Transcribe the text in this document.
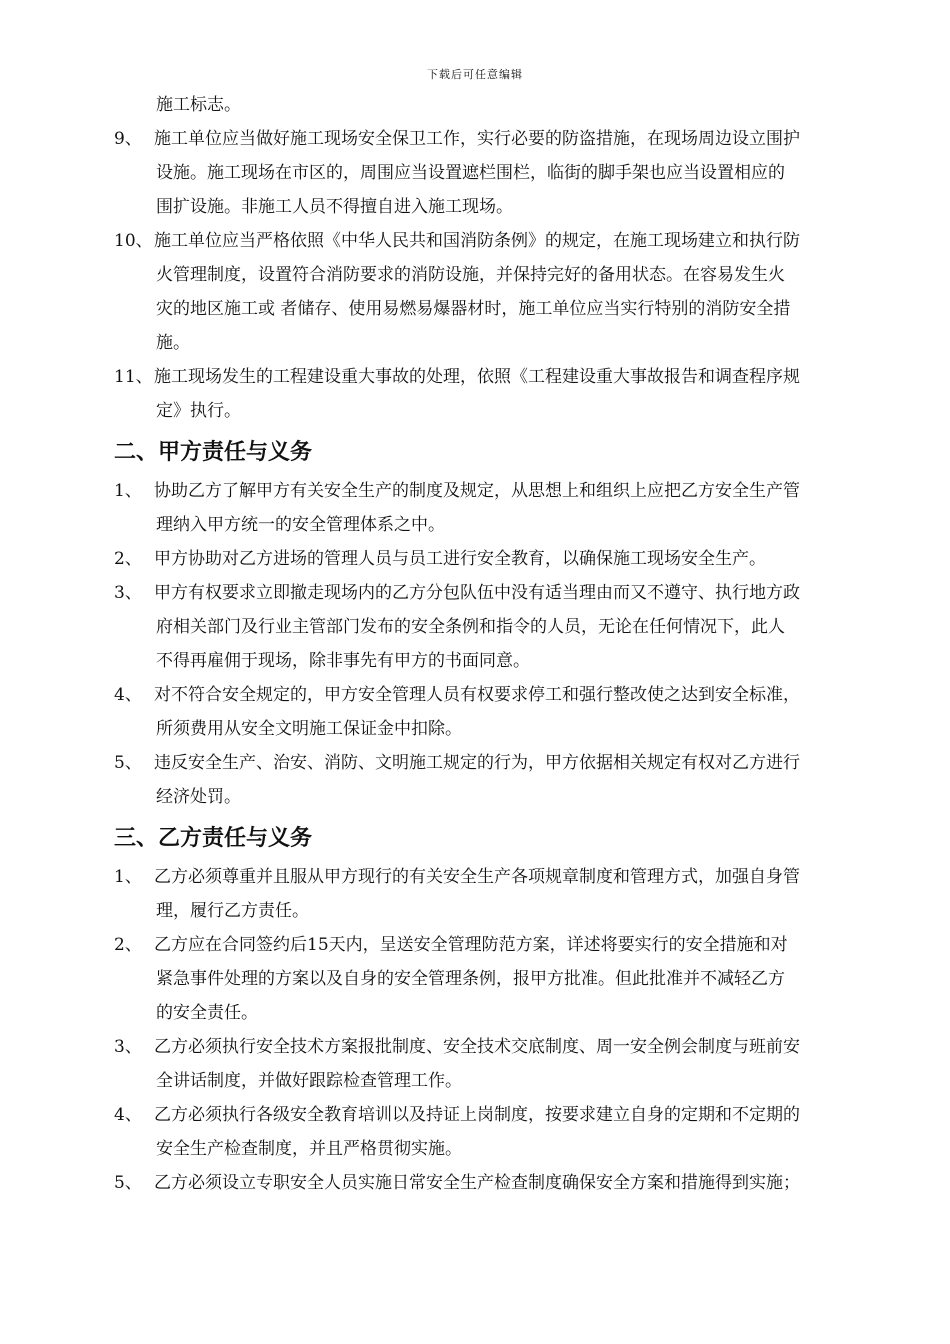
下载后可任意编辑
施工标志。
9、 施工单位应当做好施工现场安全保卫工作，实行必要的防盗措施，在现场周边设立围护
设施。施工现场在市区的，周围应当设置遮栏围栏，临街的脚手架也应当设置相应的
围扩设施。非施工人员不得擅自进入施工现场。
10、 施工单位应当严格依照《中华人民共和国消防条例》的规定，在施工现场建立和执行防
火管理制度，设置符合消防要求的消防设施，并保持完好的备用状态。在容易发生火
灾的地区施工或 者储存、使用易燃易爆器材时，施工单位应当实行特别的消防安全措
施。
11、 施工现场发生的工程建设重大事故的处理，依照《工程建设重大事故报告和调查程序规
定》执行。
二、甲方责任与义务
1、 协助乙方了解甲方有关安全生产的制度及规定，从思想上和组织上应把乙方安全生产管
理纳入甲方统一的安全管理体系之中。
2、 甲方协助对乙方进场的管理人员与员工进行安全教育，以确保施工现场安全生产。
3、 甲方有权要求立即撤走现场内的乙方分包队伍中没有适当理由而又不遵守、执行地方政
府相关部门及行业主管部门发布的安全条例和指令的人员，无论在任何情况下，此人
不得再雇佣于现场，除非事先有甲方的书面同意。
4、 对不符合安全规定的，甲方安全管理人员有权要求停工和强行整改使之达到安全标准，
所须费用从安全文明施工保证金中扣除。
5、 违反安全生产、治安、消防、文明施工规定的行为，甲方依据相关规定有权对乙方进行
经济处罚。
三、乙方责任与义务
1、 乙方必须尊重并且服从甲方现行的有关安全生产各项规章制度和管理方式，加强自身管
理，履行乙方责任。
2、 乙方应在合同签约后15天内，呈送安全管理防范方案，详述将要实行的安全措施和对
紧急事件处理的方案以及自身的安全管理条例，报甲方批准。但此批准并不减轻乙方
的安全责任。
3、 乙方必须执行安全技术方案报批制度、安全技术交底制度、周一安全例会制度与班前安
全讲话制度，并做好跟踪检查管理工作。
4、 乙方必须执行各级安全教育培训以及持证上岗制度，按要求建立自身的定期和不定期的
安全生产检查制度，并且严格贯彻实施。
5、 乙方必须设立专职安全人员实施日常安全生产检查制度确保安全方案和措施得到实施；
